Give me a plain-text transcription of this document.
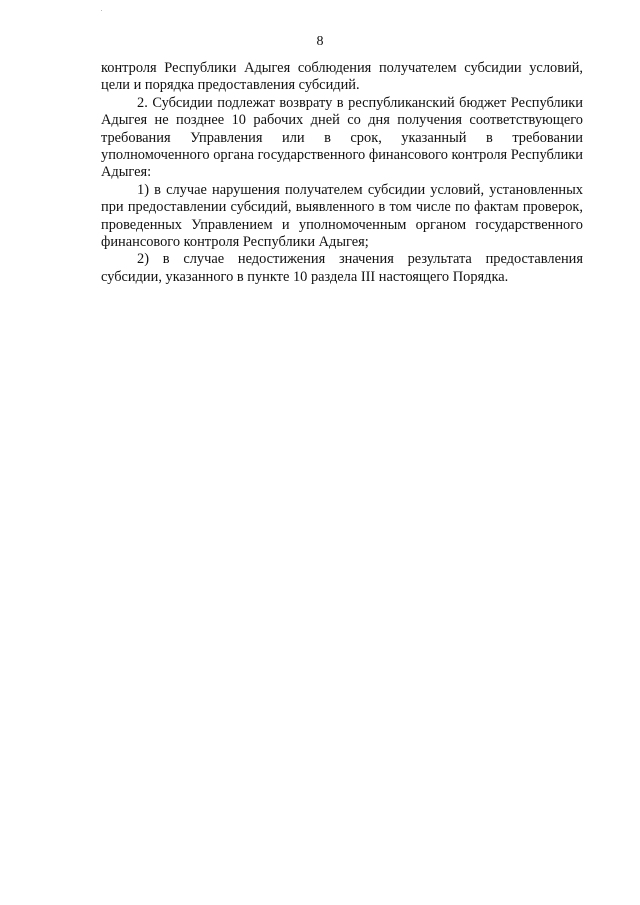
8

контроля Республики Адыгея соблюдения получателем субсидии условий, цели и порядка предоставления субсидий.

2. Субсидии подлежат возврату в республиканский бюджет Республики Адыгея не позднее 10 рабочих дней со дня получения соответствующего требования Управления или в срок, указанный в требовании уполномоченного органа государственного финансового контроля Республики Адыгея:

1) в случае нарушения получателем субсидии условий, установленных при предоставлении субсидий, выявленного в том числе по фактам проверок, проведенных Управлением и уполномоченным органом государственного финансового контроля Республики Адыгея;

2) в случае недостижения значения результата предоставления субсидии, указанного в пункте 10 раздела III настоящего Порядка.
